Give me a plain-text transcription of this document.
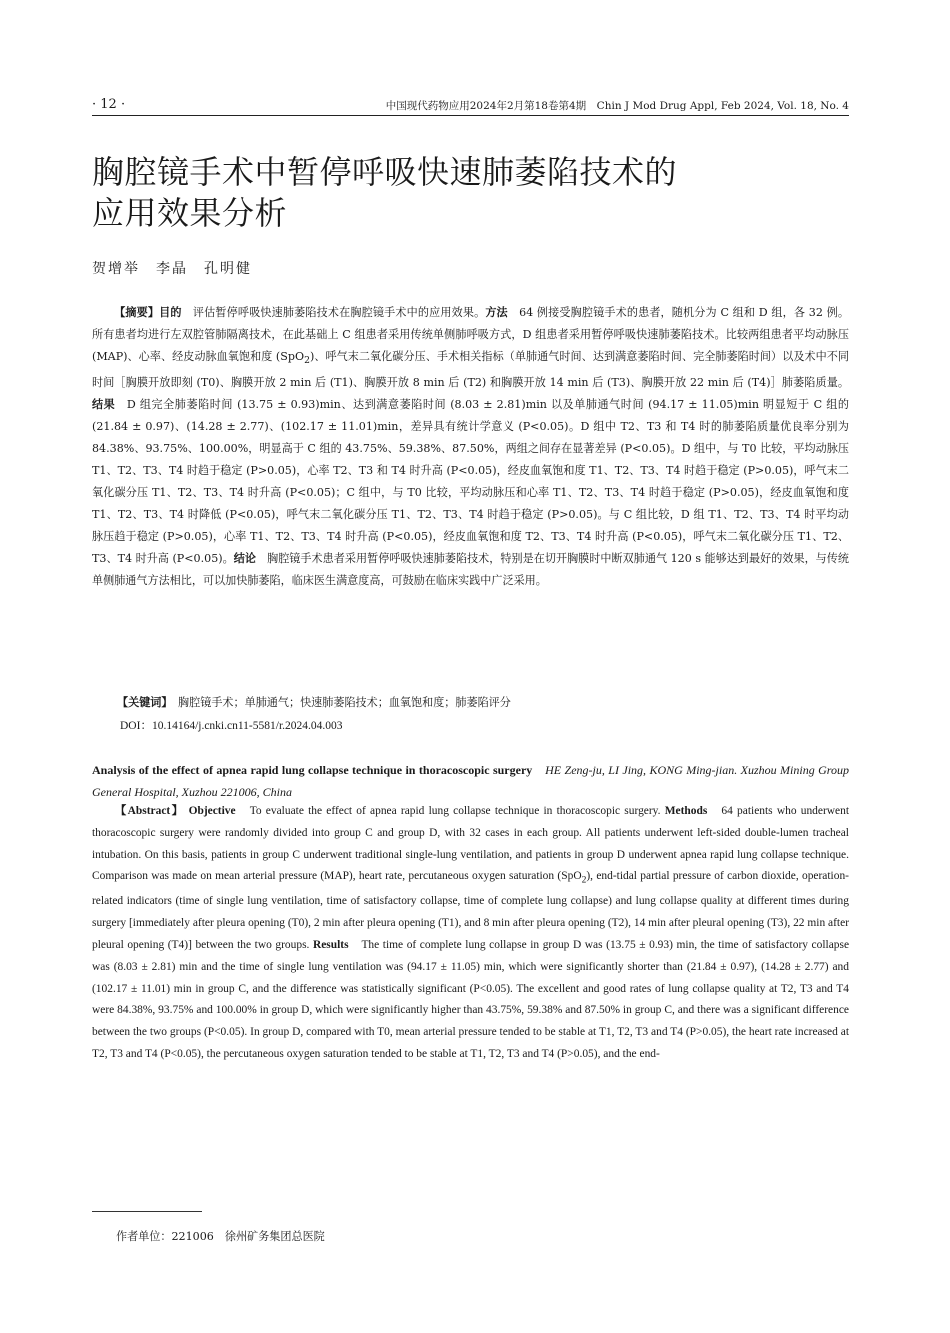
· 12 ·	中国现代药物应用2024年2月第18卷第4期　Chin J Mod Drug Appl, Feb 2024, Vol. 18, No. 4
胸腔镜手术中暂停呼吸快速肺萎陷技术的
应用效果分析

贺增举　李晶　孔明健

【摘要】目的　 评估暂停呼吸快速肺萎陷技术在胸腔镜手术中的应用效果。方法　 64 例接受胸腔镜手术的患者，随机分为 C 组和 D 组，各 32 例。所有患者均进行左双腔管肺隔离技术，在此基础上 C 组患者采用传统单侧肺呼吸方式，D 组患者采用暂停呼吸快速肺萎陷技术。比较两组患者平均动脉压 (MAP)、心率、经皮动脉血氧饱和度 (SpO$_2$)、呼气末二氧化碳分压、手术相关指标（单肺通气时间、达到满意萎陷时间、完全肺萎陷时间）以及术中不同时间［胸膜开放即刻 (T0)、胸膜开放 2 min 后 (T1)、胸膜开放 8 min 后 (T2) 和胸膜开放 14 min 后 (T3)、胸膜开放 22 min 后 (T4)］肺萎陷质量。结果　 D 组完全肺萎陷时间 (13.75 ± 0.93)min、达到满意萎陷时间 (8.03 ± 2.81)min 以及单肺通气时间 (94.17 ± 11.05)min 明显短于 C 组的 (21.84 ± 0.97)、(14.28 ± 2.77)、(102.17 ± 11.01)min，差异具有统计学意义 (P<0.05)。D 组中 T2、T3 和 T4 时的肺萎陷质量优良率分别为 84.38%、93.75%、100.00%，明显高于 C 组的 43.75%、59.38%、87.50%，两组之间存在显著差异 (P<0.05)。D 组中，与 T0 比较，平均动脉压 T1、T2、T3、T4 时趋于稳定 (P>0.05)，心率 T2、T3 和 T4 时升高 (P<0.05)，经皮血氧饱和度 T1、T2、T3、T4 时趋于稳定 (P>0.05)，呼气末二氧化碳分压 T1、T2、T3、T4 时升高 (P<0.05)；C 组中，与 T0 比较，平均动脉压和心率 T1、T2、T3、T4 时趋于稳定 (P>0.05)，经皮血氧饱和度 T1、T2、T3、T4 时降低 (P<0.05)，呼气末二氧化碳分压 T1、T2、T3、T4 时趋于稳定 (P>0.05)。与 C 组比较，D 组 T1、T2、T3、T4 时平均动脉压趋于稳定 (P>0.05)，心率 T1、T2、T3、T4 时升高 (P<0.05)，经皮血氧饱和度 T2、T3、T4 时升高 (P<0.05)，呼气末二氧化碳分压 T1、T2、T3、T4 时升高 (P<0.05)。结论　 胸腔镜手术患者采用暂停呼吸快速肺萎陷技术，特别是在切开胸膜时中断双肺通气 120 s 能够达到最好的效果，与传统单侧肺通气方法相比，可以加快肺萎陷，临床医生满意度高，可鼓励在临床实践中广泛采用。

【关键词】　 胸腔镜手术；单肺通气；快速肺萎陷技术；血氧饱和度；肺萎陷评分

DOI：10.14164/j.cnki.cn11-5581/r.2024.04.003

Analysis of the effect of apnea rapid lung collapse technique in thoracoscopic surgery　 HE Zeng-ju, LI Jing, KONG Ming-jian. Xuzhou Mining Group General Hospital, Xuzhou 221006, China

【Abstract】 Objective　 To evaluate the effect of apnea rapid lung collapse technique in thoracoscopic surgery. Methods　 64 patients who underwent thoracoscopic surgery were randomly divided into group C and group D, with 32 cases in each group. All patients underwent left-sided double-lumen tracheal intubation. On this basis, patients in group C underwent traditional single-lung ventilation, and patients in group D underwent apnea rapid lung collapse technique. Comparison was made on mean arterial pressure (MAP), heart rate, percutaneous oxygen saturation (SpO$_2$), end-tidal partial pressure of carbon dioxide, operation-related indicators (time of single lung ventilation, time of satisfactory collapse, time of complete lung collapse) and lung collapse quality at different times during surgery [immediately after pleura opening (T0), 2 min after pleura opening (T1), and 8 min after pleura opening (T2), 14 min after pleural opening (T3), 22 min after pleural opening (T4)] between the two groups. Results　 The time of complete lung collapse in group D was (13.75 ± 0.93) min, the time of satisfactory collapse was (8.03 ± 2.81) min and the time of single lung ventilation was (94.17 ± 11.05) min, which were significantly shorter than (21.84 ± 0.97), (14.28 ± 2.77) and (102.17 ± 11.01) min in group C, and the difference was statistically significant (P<0.05). The excellent and good rates of lung collapse quality at T2, T3 and T4 were 84.38%, 93.75% and 100.00% in group D, which were significantly higher than 43.75%, 59.38% and 87.50% in group C, and there was a significant difference between the two groups (P<0.05). In group D, compared with T0, mean arterial pressure tended to be stable at T1, T2, T3 and T4 (P>0.05), the heart rate increased at T2, T3 and T4 (P<0.05), the percutaneous oxygen saturation tended to be stable at T1, T2, T3 and T4 (P>0.05), and the end-

作者单位：221006　徐州矿务集团总医院
